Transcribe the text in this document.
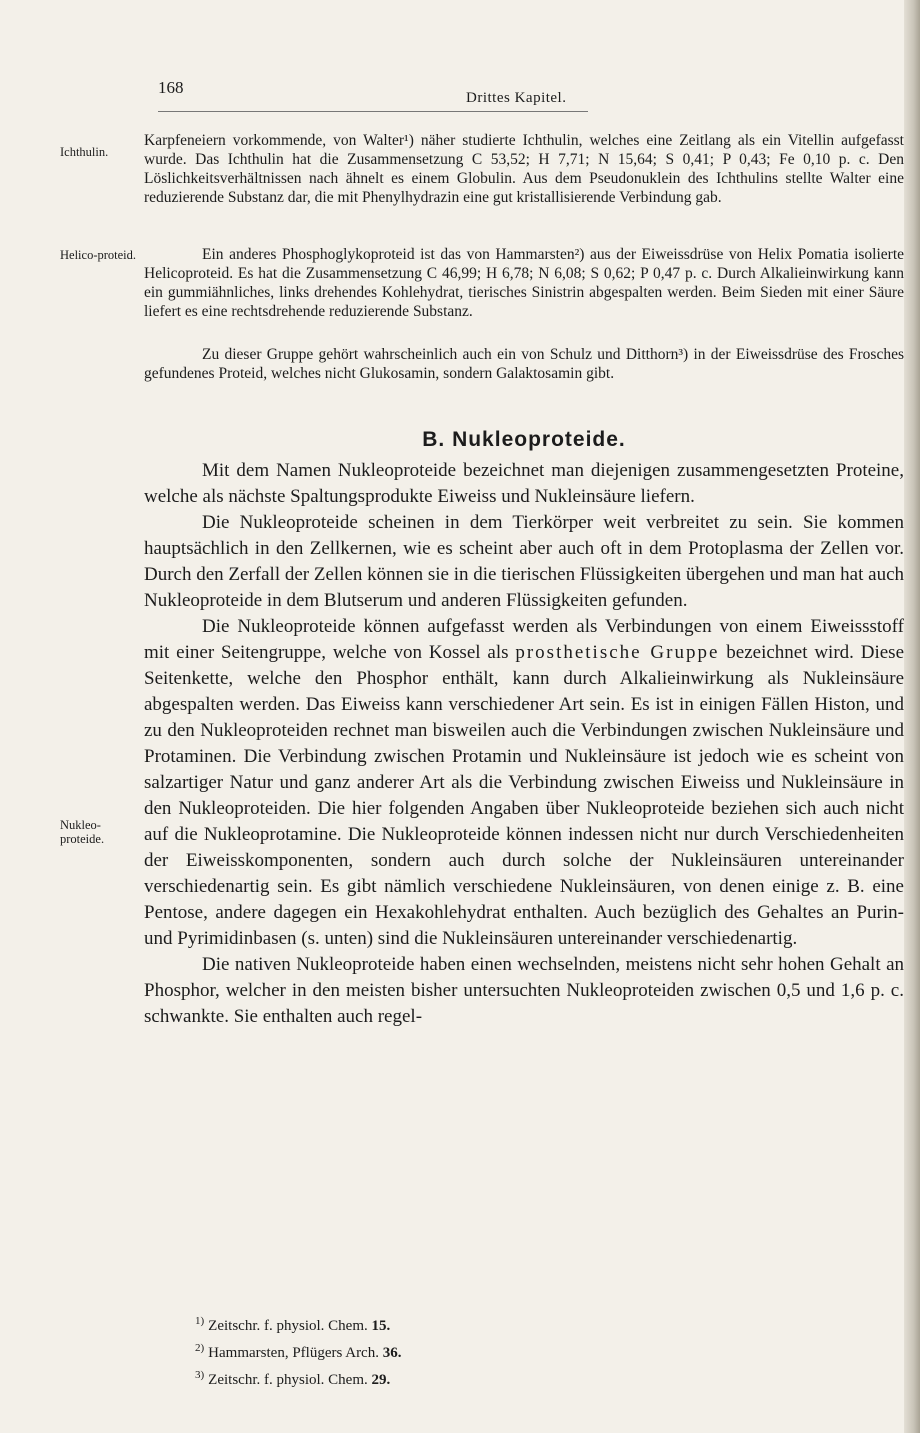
168
Drittes Kapitel.
Ichthulin.
Karpfeneiern vorkommende, von Walter¹) näher studierte Ichthulin, welches eine Zeitlang als ein Vitellin aufgefasst wurde. Das Ichthulin hat die Zusammensetzung C 53,52; H 7,71; N 15,64; S 0,41; P 0,43; Fe 0,10 p. c. Den Löslichkeitsverhältnissen nach ähnelt es einem Globulin. Aus dem Pseudonuklein des Ichthulins stellte Walter eine reduzierende Substanz dar, die mit Phenylhydrazin eine gut kristallisierende Verbindung gab.
Helico-proteid.	Ein anderes Phosphoglykoproteid ist das von Hammarsten²) aus der Eiweissdrüse von Helix Pomatia isolierte Helicoproteid. Es hat die Zusammensetzung C 46,99; H 6,78; N 6,08; S 0,62; P 0,47 p. c. Durch Alkalieinwirkung kann ein gummiähnliches, links drehendes Kohlehydrat, tierisches Sinistrin abgespalten werden. Beim Sieden mit einer Säure liefert es eine rechtsdrehende reduzierende Substanz.
Zu dieser Gruppe gehört wahrscheinlich auch ein von Schulz und Ditthorn³) in der Eiweissdrüse des Frosches gefundenes Proteid, welches nicht Glukosamin, sondern Galaktosamin gibt.
B. Nukleoproteide.
Nukleo-proteide.

Mit dem Namen Nukleoproteide bezeichnet man diejenigen zusammengesetzten Proteine, welche als nächste Spaltungsprodukte Eiweiss und Nukleinsäure liefern.

Die Nukleoproteide scheinen in dem Tierkörper weit verbreitet zu sein. Sie kommen hauptsächlich in den Zellkernen, wie es scheint aber auch oft in dem Protoplasma der Zellen vor. Durch den Zerfall der Zellen können sie in die tierischen Flüssigkeiten übergehen und man hat auch Nukleoproteide in dem Blutserum und anderen Flüssigkeiten gefunden.

Die Nukleoproteide können aufgefasst werden als Verbindungen von einem Eiweissstoff mit einer Seitengruppe, welche von Kossel als prosthetische Gruppe bezeichnet wird. Diese Seitenkette, welche den Phosphor enthält, kann durch Alkalieinwirkung als Nukleinsäure abgespalten werden. Das Eiweiss kann verschiedener Art sein. Es ist in einigen Fällen Histon, und zu den Nukleoproteiden rechnet man bisweilen auch die Verbindungen zwischen Nukleinsäure und Protaminen. Die Verbindung zwischen Protamin und Nukleinsäure ist jedoch wie es scheint von salzartiger Natur und ganz anderer Art als die Verbindung zwischen Eiweiss und Nukleinsäure in den Nukleoproteiden. Die hier folgenden Angaben über Nukleoproteide beziehen sich auch nicht auf die Nukleoprotamine. Die Nukleoproteide können indessen nicht nur durch Verschiedenheiten der Eiweisskomponenten, sondern auch durch solche der Nukleinsäuren untereinander verschiedenartig sein. Es gibt nämlich verschiedene Nukleinsäuren, von denen einige z. B. eine Pentose, andere dagegen ein Hexakohlehydrat enthalten. Auch bezüglich des Gehaltes an Purin- und Pyrimidinbasen (s. unten) sind die Nukleinsäuren untereinander verschiedenartig.

Die nativen Nukleoproteide haben einen wechselnden, meistens nicht sehr hohen Gehalt an Phosphor, welcher in den meisten bisher untersuchten Nukleoproteiden zwischen 0,5 und 1,6 p. c. schwankte. Sie enthalten auch regel-

$^{1)}$ Zeitschr. f. physiol. Chem. 15.
$^{2)}$ Hammarsten, Pflügers Arch. 36.
$^{3)}$ Zeitschr. f. physiol. Chem. 29.
